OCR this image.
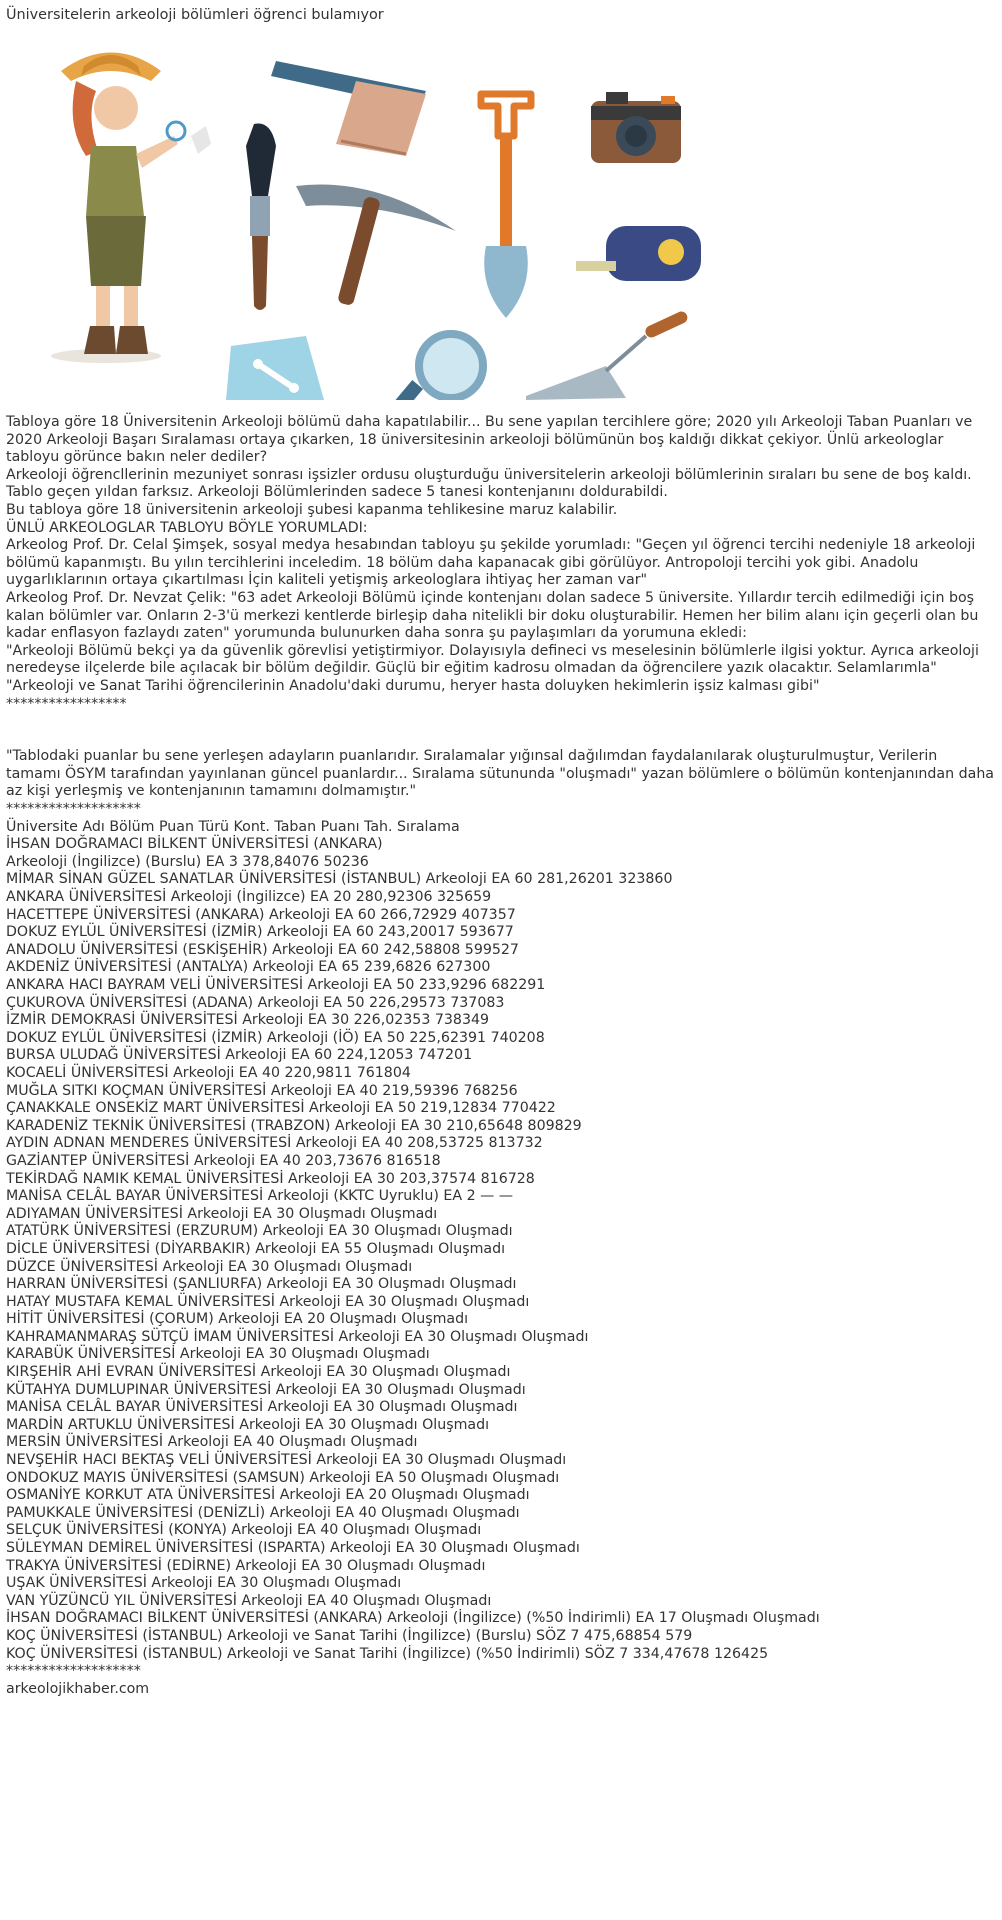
Üniversitelerin arkeoloji bölümleri öğrenci bulamıyor

Tabloya göre 18 Üniversitenin Arkeoloji bölümü daha kapatılabilir... Bu sene yapılan tercihlere göre; 2020 yılı Arkeoloji Taban Puanları ve 2020 Arkeoloji Başarı Sıralaması ortaya çıkarken, 18 üniversitesinin arkeoloji bölümünün boş kaldığı dikkat çekiyor. Ünlü arkeologlar tabloyu görünce bakın neler dediler?

Arkeoloji öğrencllerinin mezuniyet sonrası işsizler ordusu oluşturduğu üniversitelerin arkeoloji bölümlerinin sıraları bu sene de boş kaldı.

Tablo geçen yıldan farksız. Arkeoloji Bölümlerinden sadece 5 tanesi kontenjanını doldurabildi.

Bu tabloya göre 18 üniversitenin arkeoloji şubesi kapanma tehlikesine maruz kalabilir.

ÜNLÜ ARKEOLOGLAR TABLOYU BÖYLE YORUMLADI:

Arkeolog Prof. Dr. Celal Şimşek, sosyal medya hesabından tabloyu şu şekilde yorumladı: "Geçen yıl öğrenci tercihi nedeniyle 18 arkeoloji bölümü kapanmıştı. Bu yılın tercihlerini inceledim. 18 bölüm daha kapanacak gibi görülüyor. Antropoloji tercihi yok gibi. Anadolu uygarlıklarının ortaya çıkartılması İçin kaliteli yetişmiş arkeologlara ihtiyaç her zaman var"

Arkeolog Prof. Dr. Nevzat Çelik: "63 adet Arkeoloji Bölümü içinde kontenjanı dolan sadece 5 üniversite. Yıllardır tercih edilmediği için boş kalan bölümler var. Onların 2-3'ü merkezi kentlerde birleşip daha nitelikli bir doku oluşturabilir. Hemen her bilim alanı için geçerli olan bu kadar enflasyon fazlaydı zaten" yorumunda bulunurken daha sonra şu paylaşımları da yorumuna ekledi:

"Arkeoloji Bölümü bekçi ya da güvenlik görevlisi yetiştirmiyor. Dolayısıyla defineci vs meselesinin bölümlerle ilgisi yoktur. Ayrıca arkeoloji neredeyse ilçelerde bile açılacak bir bölüm değildir. Güçlü bir eğitim kadrosu olmadan da öğrencilere yazık olacaktır. Selamlarımla"

"Arkeoloji ve Sanat Tarihi öğrencilerinin Anadolu'daki durumu, heryer hasta doluyken hekimlerin işsiz kalması gibi"

*****************

"Tablodaki puanlar bu sene yerleşen adayların puanlarıdır. Sıralamalar yığınsal dağılımdan faydalanılarak oluşturulmuştur, Verilerin tamamı ÖSYM tarafından yayınlanan güncel puanlardır... Sıralama sütununda "oluşmadı" yazan bölümlere o bölümün kontenjanından daha az kişi yerleşmiş ve kontenjanının tamamını dolmamıştır."

*******************

Üniversite Adı Bölüm Puan Türü Kont. Taban Puanı Tah. Sıralama

İHSAN DOĞRAMACI BİLKENT ÜNİVERSİTESİ (ANKARA)

Arkeoloji (İngilizce) (Burslu) EA 3 378,84076 50236

MİMAR SİNAN GÜZEL SANATLAR ÜNİVERSİTESİ (İSTANBUL) Arkeoloji EA 60 281,26201 323860

ANKARA ÜNİVERSİTESİ Arkeoloji (İngilizce) EA 20 280,92306 325659

HACETTEPE ÜNİVERSİTESİ (ANKARA) Arkeoloji EA 60 266,72929 407357

DOKUZ EYLÜL ÜNİVERSİTESİ (İZMİR) Arkeoloji EA 60 243,20017 593677

ANADOLU ÜNİVERSİTESİ (ESKİŞEHİR) Arkeoloji EA 60 242,58808 599527

AKDENİZ ÜNİVERSİTESİ (ANTALYA) Arkeoloji EA 65 239,6826 627300

ANKARA HACI BAYRAM VELİ ÜNİVERSİTESİ Arkeoloji EA 50 233,9296 682291

ÇUKUROVA ÜNİVERSİTESİ (ADANA) Arkeoloji EA 50 226,29573 737083

İZMİR DEMOKRASİ ÜNİVERSİTESİ Arkeoloji EA 30 226,02353 738349

DOKUZ EYLÜL ÜNİVERSİTESİ (İZMİR) Arkeoloji (İÖ) EA 50 225,62391 740208

BURSA ULUDAĞ ÜNİVERSİTESİ Arkeoloji EA 60 224,12053 747201

KOCAELİ ÜNİVERSİTESİ Arkeoloji EA 40 220,9811 761804

MUĞLA SITKI KOÇMAN ÜNİVERSİTESİ Arkeoloji EA 40 219,59396 768256

ÇANAKKALE ONSEKİZ MART ÜNİVERSİTESİ Arkeoloji EA 50 219,12834 770422

KARADENİZ TEKNİK ÜNİVERSİTESİ (TRABZON) Arkeoloji EA 30 210,65648 809829

AYDIN ADNAN MENDERES ÜNİVERSİTESİ Arkeoloji EA 40 208,53725 813732

GAZİANTEP ÜNİVERSİTESİ Arkeoloji EA 40 203,73676 816518

TEKİRDAĞ NAMIK KEMAL ÜNİVERSİTESİ Arkeoloji EA 30 203,37574 816728

MANİSA CELÂL BAYAR ÜNİVERSİTESİ Arkeoloji (KKTC Uyruklu) EA 2 — —

ADIYAMAN ÜNİVERSİTESİ Arkeoloji EA 30 Oluşmadı Oluşmadı

ATATÜRK ÜNİVERSİTESİ (ERZURUM) Arkeoloji EA 30 Oluşmadı Oluşmadı

DİCLE ÜNİVERSİTESİ (DİYARBAKIR) Arkeoloji EA 55 Oluşmadı Oluşmadı

DÜZCE ÜNİVERSİTESİ Arkeoloji EA 30 Oluşmadı Oluşmadı

HARRAN ÜNİVERSİTESİ (ŞANLIURFA) Arkeoloji EA 30 Oluşmadı Oluşmadı

HATAY MUSTAFA KEMAL ÜNİVERSİTESİ Arkeoloji EA 30 Oluşmadı Oluşmadı

HİTİT ÜNİVERSİTESİ (ÇORUM) Arkeoloji EA 20 Oluşmadı Oluşmadı

KAHRAMANMARAŞ SÜTÇÜ İMAM ÜNİVERSİTESİ Arkeoloji EA 30 Oluşmadı Oluşmadı

KARABÜK ÜNİVERSİTESİ Arkeoloji EA 30 Oluşmadı Oluşmadı

KIRŞEHİR AHİ EVRAN ÜNİVERSİTESİ Arkeoloji EA 30 Oluşmadı Oluşmadı

KÜTAHYA DUMLUPINAR ÜNİVERSİTESİ Arkeoloji EA 30 Oluşmadı Oluşmadı

MANİSA CELÂL BAYAR ÜNİVERSİTESİ Arkeoloji EA 30 Oluşmadı Oluşmadı

MARDİN ARTUKLU ÜNİVERSİTESİ Arkeoloji EA 30 Oluşmadı Oluşmadı

MERSİN ÜNİVERSİTESİ Arkeoloji EA 40 Oluşmadı Oluşmadı

NEVŞEHİR HACI BEKTAŞ VELİ ÜNİVERSİTESİ Arkeoloji EA 30 Oluşmadı Oluşmadı

ONDOKUZ MAYIS ÜNİVERSİTESİ (SAMSUN) Arkeoloji EA 50 Oluşmadı Oluşmadı

OSMANİYE KORKUT ATA ÜNİVERSİTESİ Arkeoloji EA 20 Oluşmadı Oluşmadı

PAMUKKALE ÜNİVERSİTESİ (DENİZLİ) Arkeoloji EA 40 Oluşmadı Oluşmadı

SELÇUK ÜNİVERSİTESİ (KONYA) Arkeoloji EA 40 Oluşmadı Oluşmadı

SÜLEYMAN DEMİREL ÜNİVERSİTESİ (ISPARTA) Arkeoloji EA 30 Oluşmadı Oluşmadı

TRAKYA ÜNİVERSİTESİ (EDİRNE) Arkeoloji EA 30 Oluşmadı Oluşmadı

UŞAK ÜNİVERSİTESİ Arkeoloji EA 30 Oluşmadı Oluşmadı

VAN YÜZÜNCÜ YIL ÜNİVERSİTESİ Arkeoloji EA 40 Oluşmadı Oluşmadı

İHSAN DOĞRAMACI BİLKENT ÜNİVERSİTESİ (ANKARA) Arkeoloji (İngilizce) (%50 İndirimli) EA 17 Oluşmadı Oluşmadı

KOÇ ÜNİVERSİTESİ (İSTANBUL) Arkeoloji ve Sanat Tarihi (İngilizce) (Burslu) SÖZ 7 475,68854 579

KOÇ ÜNİVERSİTESİ (İSTANBUL) Arkeoloji ve Sanat Tarihi (İngilizce) (%50 İndirimli) SÖZ 7 334,47678 126425

*******************

arkeolojikhaber.com
